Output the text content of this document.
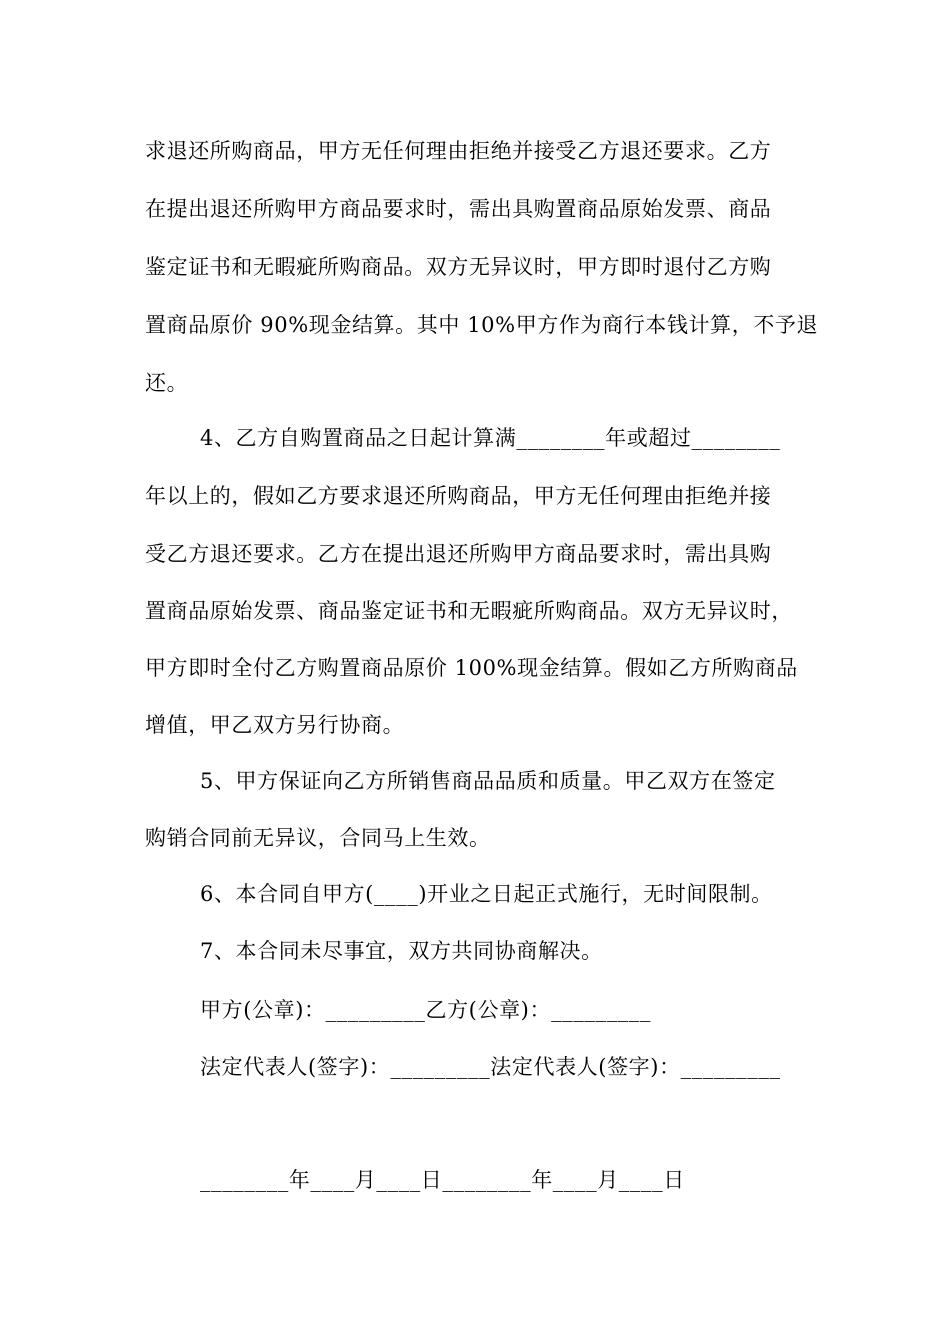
求退还所购商品，甲方无任何理由拒绝并接受乙方退还要求。乙方
在提出退还所购甲方商品要求时，需出具购置商品原始发票、商品
鉴定证书和无暇疵所购商品。双方无异议时，甲方即时退付乙方购
置商品原价 90%现金结算。其中 10%甲方作为商行本钱计算，不予退
还。
4、乙方自购置商品之日起计算满________年或超过________
年以上的，假如乙方要求退还所购商品，甲方无任何理由拒绝并接
受乙方退还要求。乙方在提出退还所购甲方商品要求时，需出具购
置商品原始发票、商品鉴定证书和无暇疵所购商品。双方无异议时，
甲方即时全付乙方购置商品原价 100%现金结算。假如乙方所购商品
增值，甲乙双方另行协商。
5、甲方保证向乙方所销售商品品质和质量。甲乙双方在签定
购销合同前无异议，合同马上生效。
6、本合同自甲方(____)开业之日起正式施行，无时间限制。
7、本合同未尽事宜，双方共同协商解决。
甲方(公章)：_________乙方(公章)：_________
法定代表人(签字)：_________法定代表人(签字)：_________
________年____月____日________年____月____日
